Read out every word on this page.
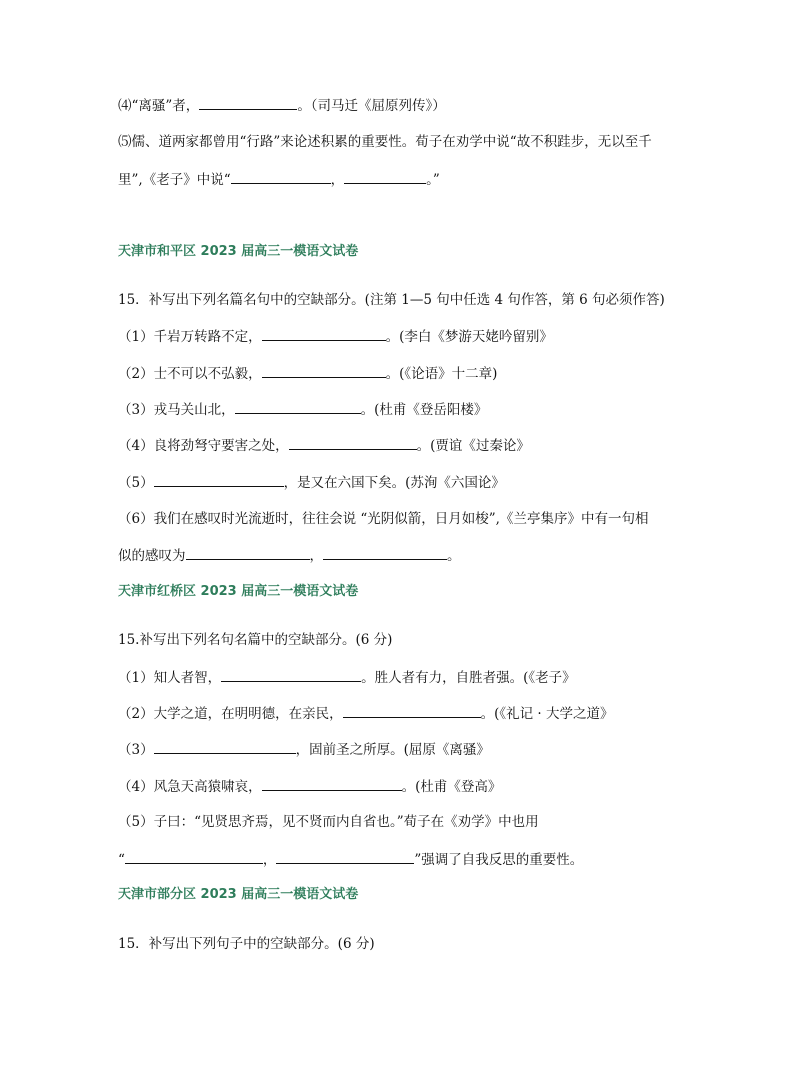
⑷“离骚”者，	。（司马迁《屈原列传》）
⑸儒、道两家都曾用“行路”来论述积累的重要性。荀子在劝学中说“故不积跬步，无以至千
里”,《老子》中说“	，	。”
天津市和平区 2023 届高三一模语文试卷
15．补写出下列名篇名句中的空缺部分。(注第 1—5 句中任选 4 句作答，第 6 句必须作答)
（1）千岩万转路不定，	。(李白《梦游天姥吟留别》
（2）士不可以不弘毅，	。(《论语》十二章)
（3）戎马关山北，	。(杜甫《登岳阳楼》
（4）良将劲弩守要害之处，	。(贾谊《过秦论》
（5）	，是又在六国下矣。(苏洵《六国论》
（6）我们在感叹时光流逝时，往往会说 “光阴似箭，日月如梭”,《兰亭集序》中有一句相
似的感叹为	，	。
天津市红桥区 2023 届高三一模语文试卷
15.补写出下列名句名篇中的空缺部分。(6 分)
（1）知人者智，	。胜人者有力，自胜者强。(《老子》
（2）大学之道，在明明德，在亲民，	。(《礼记 · 大学之道》
（3）	，固前圣之所厚。(屈原《离骚》
（4）风急天高猿啸哀，	。(杜甫《登高》
（5）子曰：“见贤思齐焉，见不贤而内自省也。”荀子在《劝学》中也用
“	，	”强调了自我反思的重要性。
天津市部分区 2023 届高三一模语文试卷
15．补写出下列句子中的空缺部分。(6 分)
